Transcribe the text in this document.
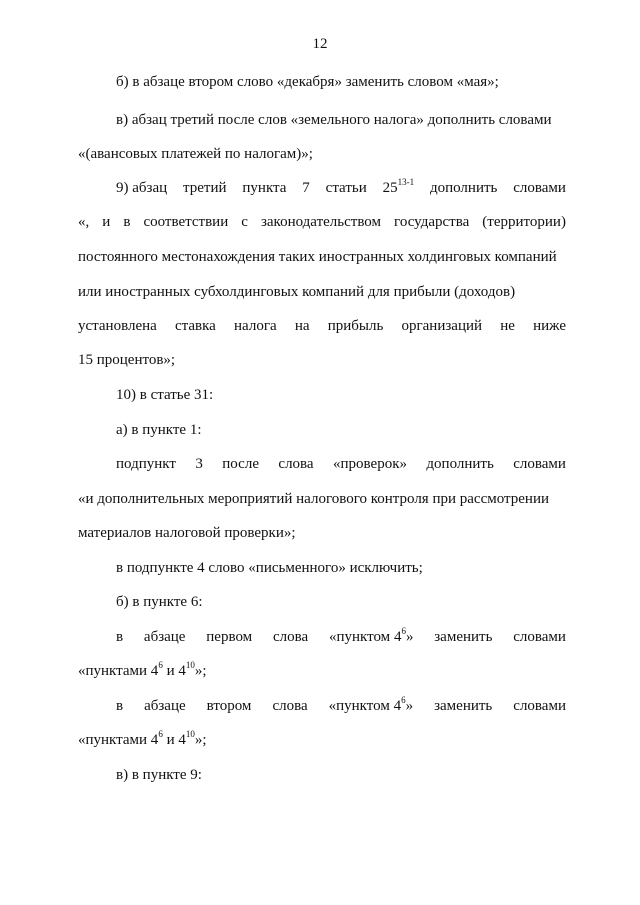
12
б) в абзаце втором слово «декабря» заменить словом «мая»;
в) абзац третий после слов «земельного налога» дополнить словами
«(авансовых платежей по налогам)»;
9) абзац третий пункта 7 статьи 25$^{13-1}$ дополнить словами
«, и в соответствии с законодательством государства (территории)
постоянного местонахождения таких иностранных холдинговых компаний
или иностранных субхолдинговых компаний для прибыли (доходов)
установлена ставка налога на прибыль организаций не ниже
15 процентов»;
10) в статье 31:
а) в пункте 1:
подпункт 3 после слова «проверок» дополнить словами
«и дополнительных мероприятий налогового контроля при рассмотрении
материалов налоговой проверки»;
в подпункте 4 слово «письменного» исключить;
б) в пункте 6:
в абзаце первом слова «пунктом $4^6$» заменить словами
«пунктами $4^6$ и $4^{10}$»;
в абзаце втором слова «пунктом $4^6$» заменить словами
«пунктами $4^6$ и $4^{10}$»;
в) в пункте 9:
